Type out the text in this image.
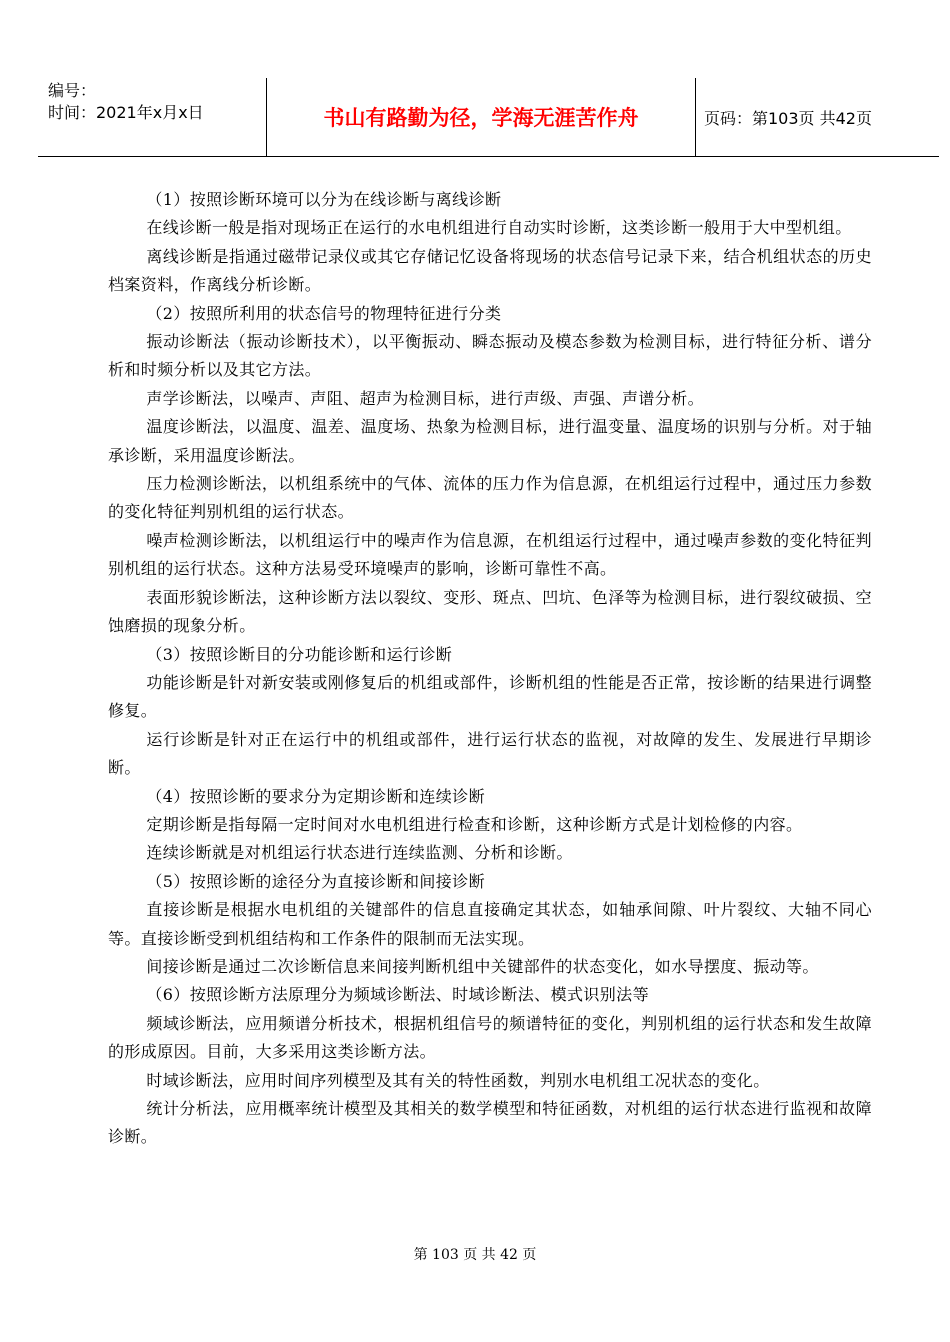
编号：
时间：2021年x月x日	书山有路勤为径，学海无涯苦作舟	页码：第103页 共42页

（1）按照诊断环境可以分为在线诊断与离线诊断

在线诊断一般是指对现场正在运行的水电机组进行自动实时诊断，这类诊断一般用于大中型机组。

离线诊断是指通过磁带记录仪或其它存储记忆设备将现场的状态信号记录下来，结合机组状态的历史档案资料，作离线分析诊断。

（2）按照所利用的状态信号的物理特征进行分类

振动诊断法（振动诊断技术），以平衡振动、瞬态振动及模态参数为检测目标，进行特征分析、谱分析和时频分析以及其它方法。

声学诊断法，以噪声、声阻、超声为检测目标，进行声级、声强、声谱分析。

温度诊断法，以温度、温差、温度场、热象为检测目标，进行温变量、温度场的识别与分析。对于轴承诊断，采用温度诊断法。

压力检测诊断法，以机组系统中的气体、流体的压力作为信息源，在机组运行过程中，通过压力参数的变化特征判别机组的运行状态。

噪声检测诊断法，以机组运行中的噪声作为信息源，在机组运行过程中，通过噪声参数的变化特征判别机组的运行状态。这种方法易受环境噪声的影响，诊断可靠性不高。

表面形貌诊断法，这种诊断方法以裂纹、变形、斑点、凹坑、色泽等为检测目标，进行裂纹破损、空蚀磨损的现象分析。

（3）按照诊断目的分功能诊断和运行诊断

功能诊断是针对新安装或刚修复后的机组或部件，诊断机组的性能是否正常，按诊断的结果进行调整修复。

运行诊断是针对正在运行中的机组或部件，进行运行状态的监视，对故障的发生、发展进行早期诊断。

（4）按照诊断的要求分为定期诊断和连续诊断

定期诊断是指每隔一定时间对水电机组进行检查和诊断，这种诊断方式是计划检修的内容。

连续诊断就是对机组运行状态进行连续监测、分析和诊断。

（5）按照诊断的途径分为直接诊断和间接诊断

直接诊断是根据水电机组的关键部件的信息直接确定其状态，如轴承间隙、叶片裂纹、大轴不同心等。直接诊断受到机组结构和工作条件的限制而无法实现。

间接诊断是通过二次诊断信息来间接判断机组中关键部件的状态变化，如水导摆度、振动等。

（6）按照诊断方法原理分为频域诊断法、时域诊断法、模式识别法等

频域诊断法，应用频谱分析技术，根据机组信号的频谱特征的变化，判别机组的运行状态和发生故障的形成原因。目前，大多采用这类诊断方法。

时域诊断法，应用时间序列模型及其有关的特性函数，判别水电机组工况状态的变化。

统计分析法，应用概率统计模型及其相关的数学模型和特征函数，对机组的运行状态进行监视和故障诊断。

第 103 页 共 42 页
